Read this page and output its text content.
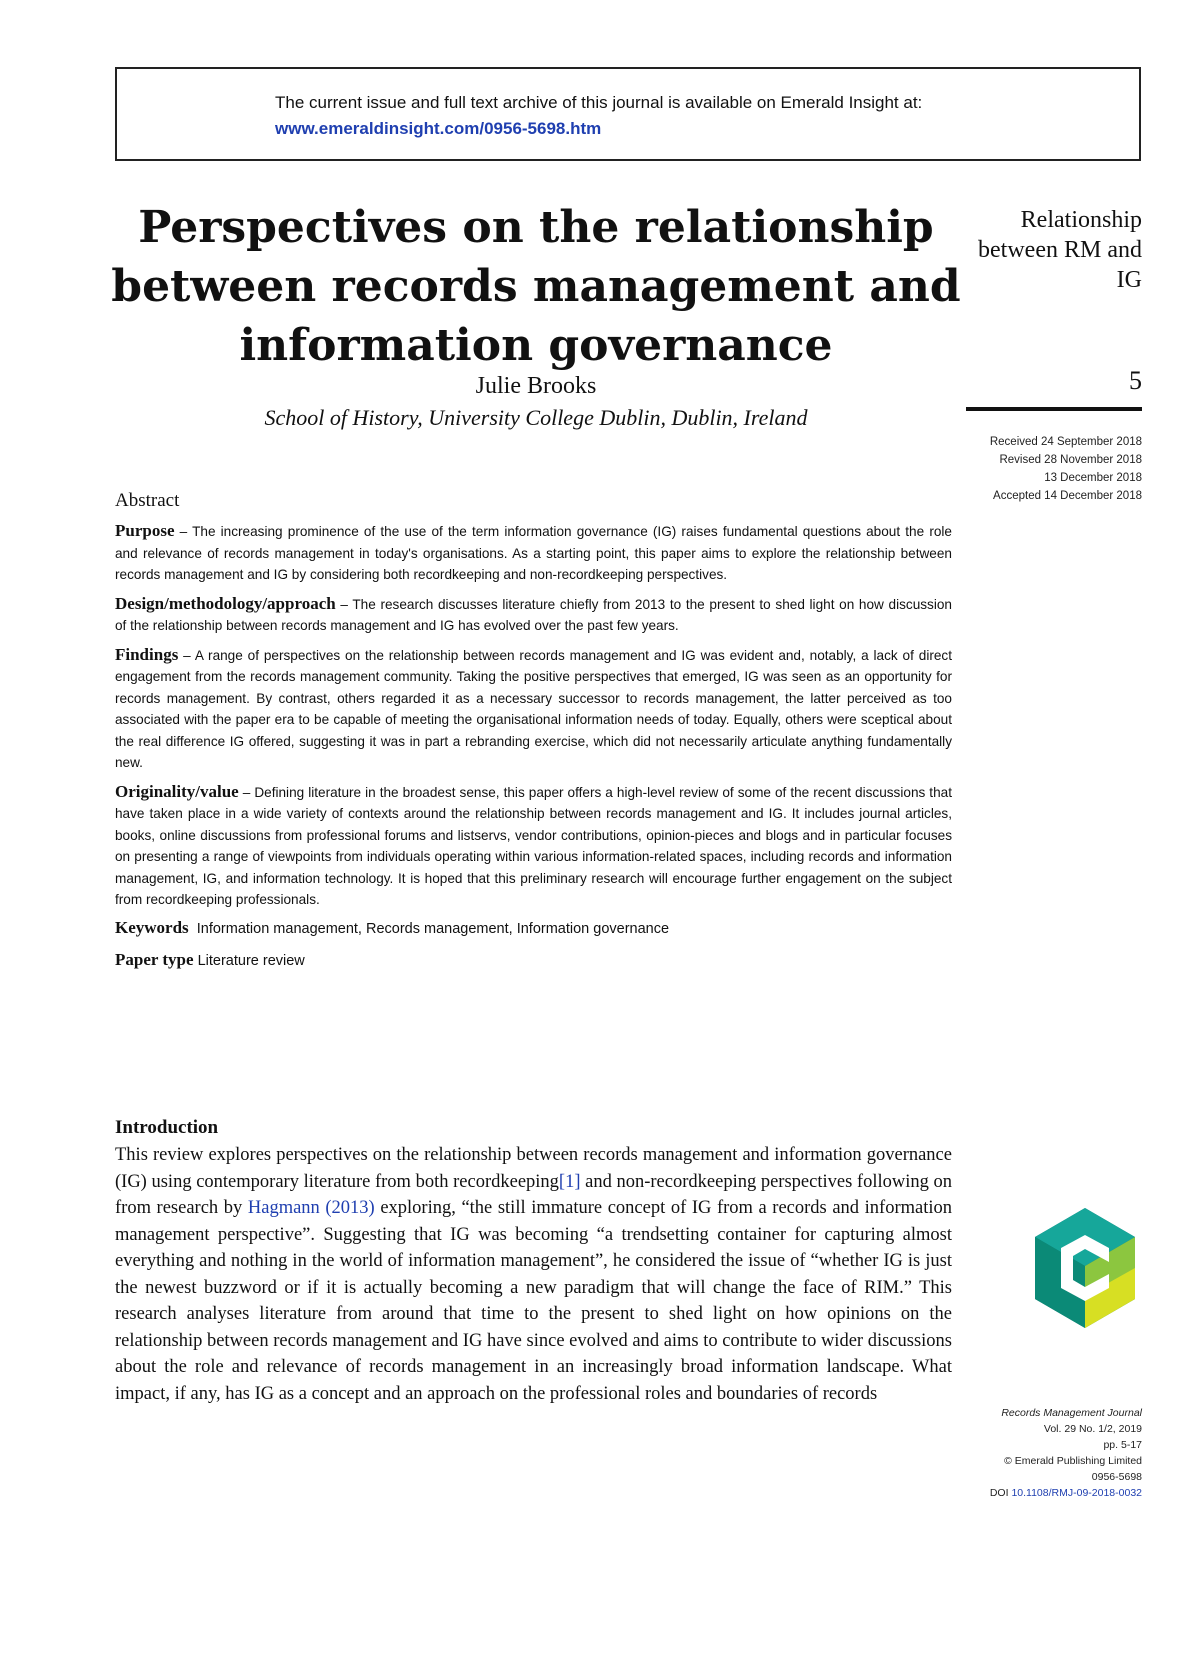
The current issue and full text archive of this journal is available on Emerald Insight at:
www.emeraldinsight.com/0956-5698.htm
Perspectives on the relationship between records management and information governance
Julie Brooks
School of History, University College Dublin, Dublin, Ireland
Relationship between RM and IG
5
Received 24 September 2018
Revised 28 November 2018
13 December 2018
Accepted 14 December 2018
Abstract

Purpose – The increasing prominence of the use of the term information governance (IG) raises fundamental questions about the role and relevance of records management in today's organisations. As a starting point, this paper aims to explore the relationship between records management and IG by considering both recordkeeping and non-recordkeeping perspectives.

Design/methodology/approach – The research discusses literature chiefly from 2013 to the present to shed light on how discussion of the relationship between records management and IG has evolved over the past few years.

Findings – A range of perspectives on the relationship between records management and IG was evident and, notably, a lack of direct engagement from the records management community. Taking the positive perspectives that emerged, IG was seen as an opportunity for records management. By contrast, others regarded it as a necessary successor to records management, the latter perceived as too associated with the paper era to be capable of meeting the organisational information needs of today. Equally, others were sceptical about the real difference IG offered, suggesting it was in part a rebranding exercise, which did not necessarily articulate anything fundamentally new.

Originality/value – Defining literature in the broadest sense, this paper offers a high-level review of some of the recent discussions that have taken place in a wide variety of contexts around the relationship between records management and IG. It includes journal articles, books, online discussions from professional forums and listservs, vendor contributions, opinion-pieces and blogs and in particular focuses on presenting a range of viewpoints from individuals operating within various information-related spaces, including records and information management, IG, and information technology. It is hoped that this preliminary research will encourage further engagement on the subject from recordkeeping professionals.

Keywords Information management, Records management, Information governance

Paper type Literature review

Introduction
This review explores perspectives on the relationship between records management and information governance (IG) using contemporary literature from both recordkeeping[1] and non-recordkeeping perspectives following on from research by Hagmann (2013) exploring, “the still immature concept of IG from a records and information management perspective”. Suggesting that IG was becoming “a trendsetting container for capturing almost everything and nothing in the world of information management”, he considered the issue of “whether IG is just the newest buzzword or if it is actually becoming a new paradigm that will change the face of RIM.” This research analyses literature from around that time to the present to shed light on how opinions on the relationship between records management and IG have since evolved and aims to contribute to wider discussions about the role and relevance of records management in an increasingly broad information landscape. What impact, if any, has IG as a concept and an approach on the professional roles and boundaries of records
Records Management Journal
Vol. 29 No. 1/2, 2019
pp. 5-17
© Emerald Publishing Limited
0956-5698
DOI 10.1108/RMJ-09-2018-0032
